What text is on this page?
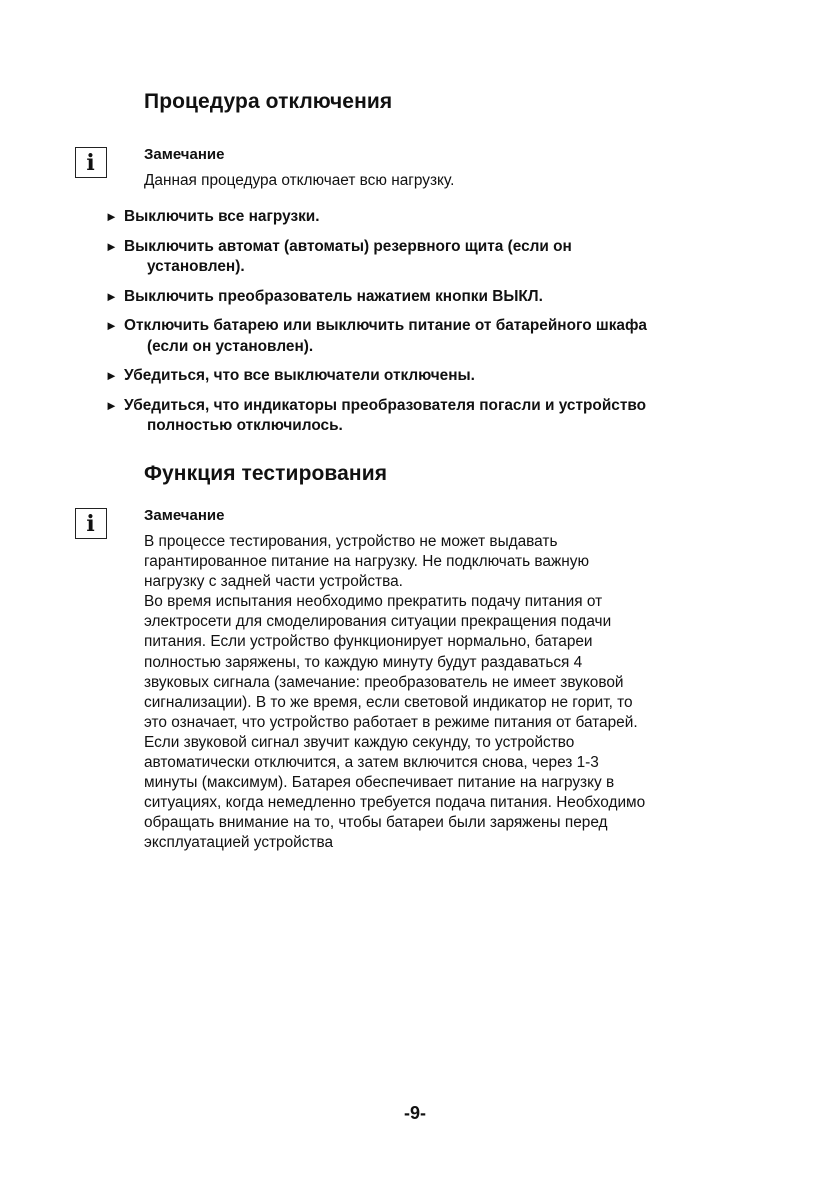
Процедура отключения
i	Замечание

Данная процедура отключает всю нагрузку.

► Выключить все нагрузки.
► Выключить автомат (автоматы) резервного щита (если он
установлен).
► Выключить преобразователь нажатием кнопки ВЫКЛ.
► Отключить батарею или выключить питание от батарейного шкафа
(если он установлен).
► Убедиться, что все выключатели отключены.
► Убедиться, что индикаторы преобразователя погасли и устройство
полностью отключилось.
Функция тестирования
i	Замечание

В процессе тестирования, устройство не может выдавать
гарантированное питание на нагрузку. Не подключать важную
нагрузку с задней части устройства.
Во время испытания необходимо прекратить подачу питания от
электросети для смоделирования ситуации прекращения подачи
питания. Если устройство функционирует нормально, батареи
полностью заряжены, то каждую минуту будут раздаваться 4
звуковых сигнала (замечание: преобразователь не имеет звуковой
сигнализации). В то же время, если световой индикатор не горит, то
это означает, что устройство работает в режиме питания от батарей.
Если звуковой сигнал звучит каждую секунду, то устройство
автоматически отключится, а затем включится снова, через 1-3
минуты (максимум). Батарея обеспечивает питание на нагрузку в
ситуациях, когда немедленно требуется подача питания. Необходимо
обращать внимание на то, чтобы батареи были заряжены перед
эксплуатацией устройства

-9-
